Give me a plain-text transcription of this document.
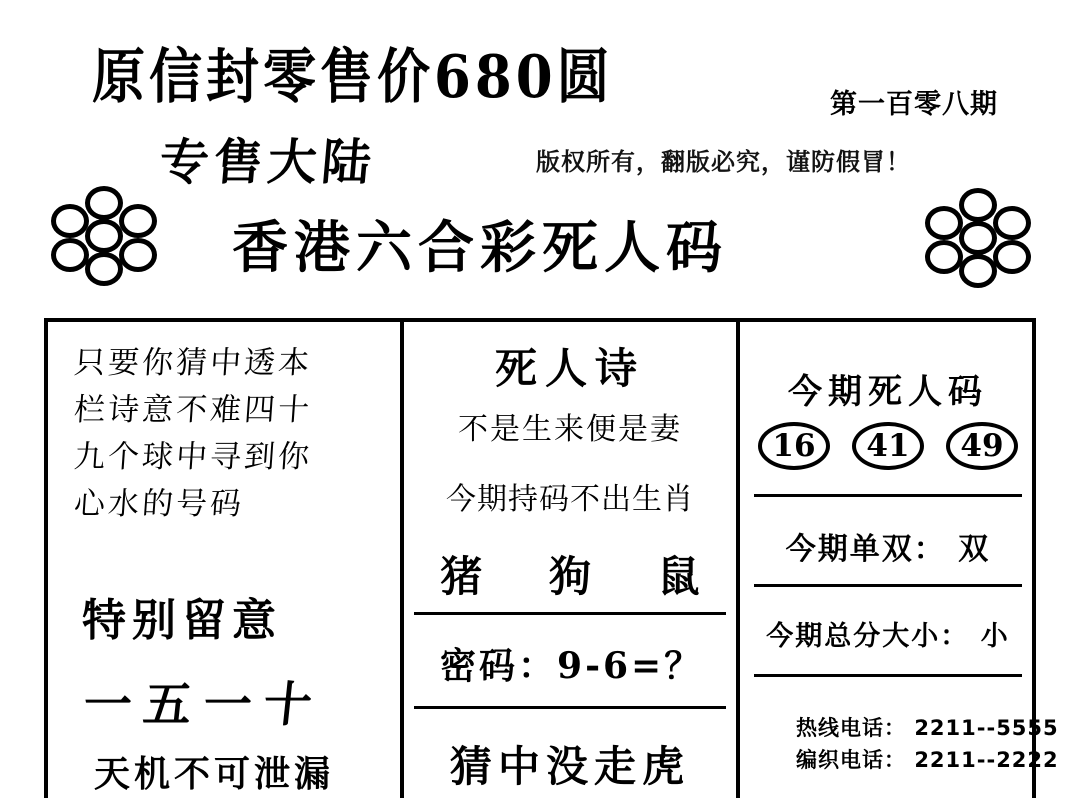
原信封零售价680圆	第一百零八期
专售大陆	版权所有，翻版必究，谨防假冒！
香港六合彩死人码
只要你猜中透本
栏诗意不难四十
九个球中寻到你
心水的号码
特别留意
一五一十
天机不可泄漏
死人诗
不是生来便是妻
今期持码不出生肖
猪 狗 鼠
密码：9-6=？
猜中没走虎
今期死人码
16	41	49
今期单双： 双
今期总分大小： 小
热线电话： 2211--5555
编织电话： 2211--2222
